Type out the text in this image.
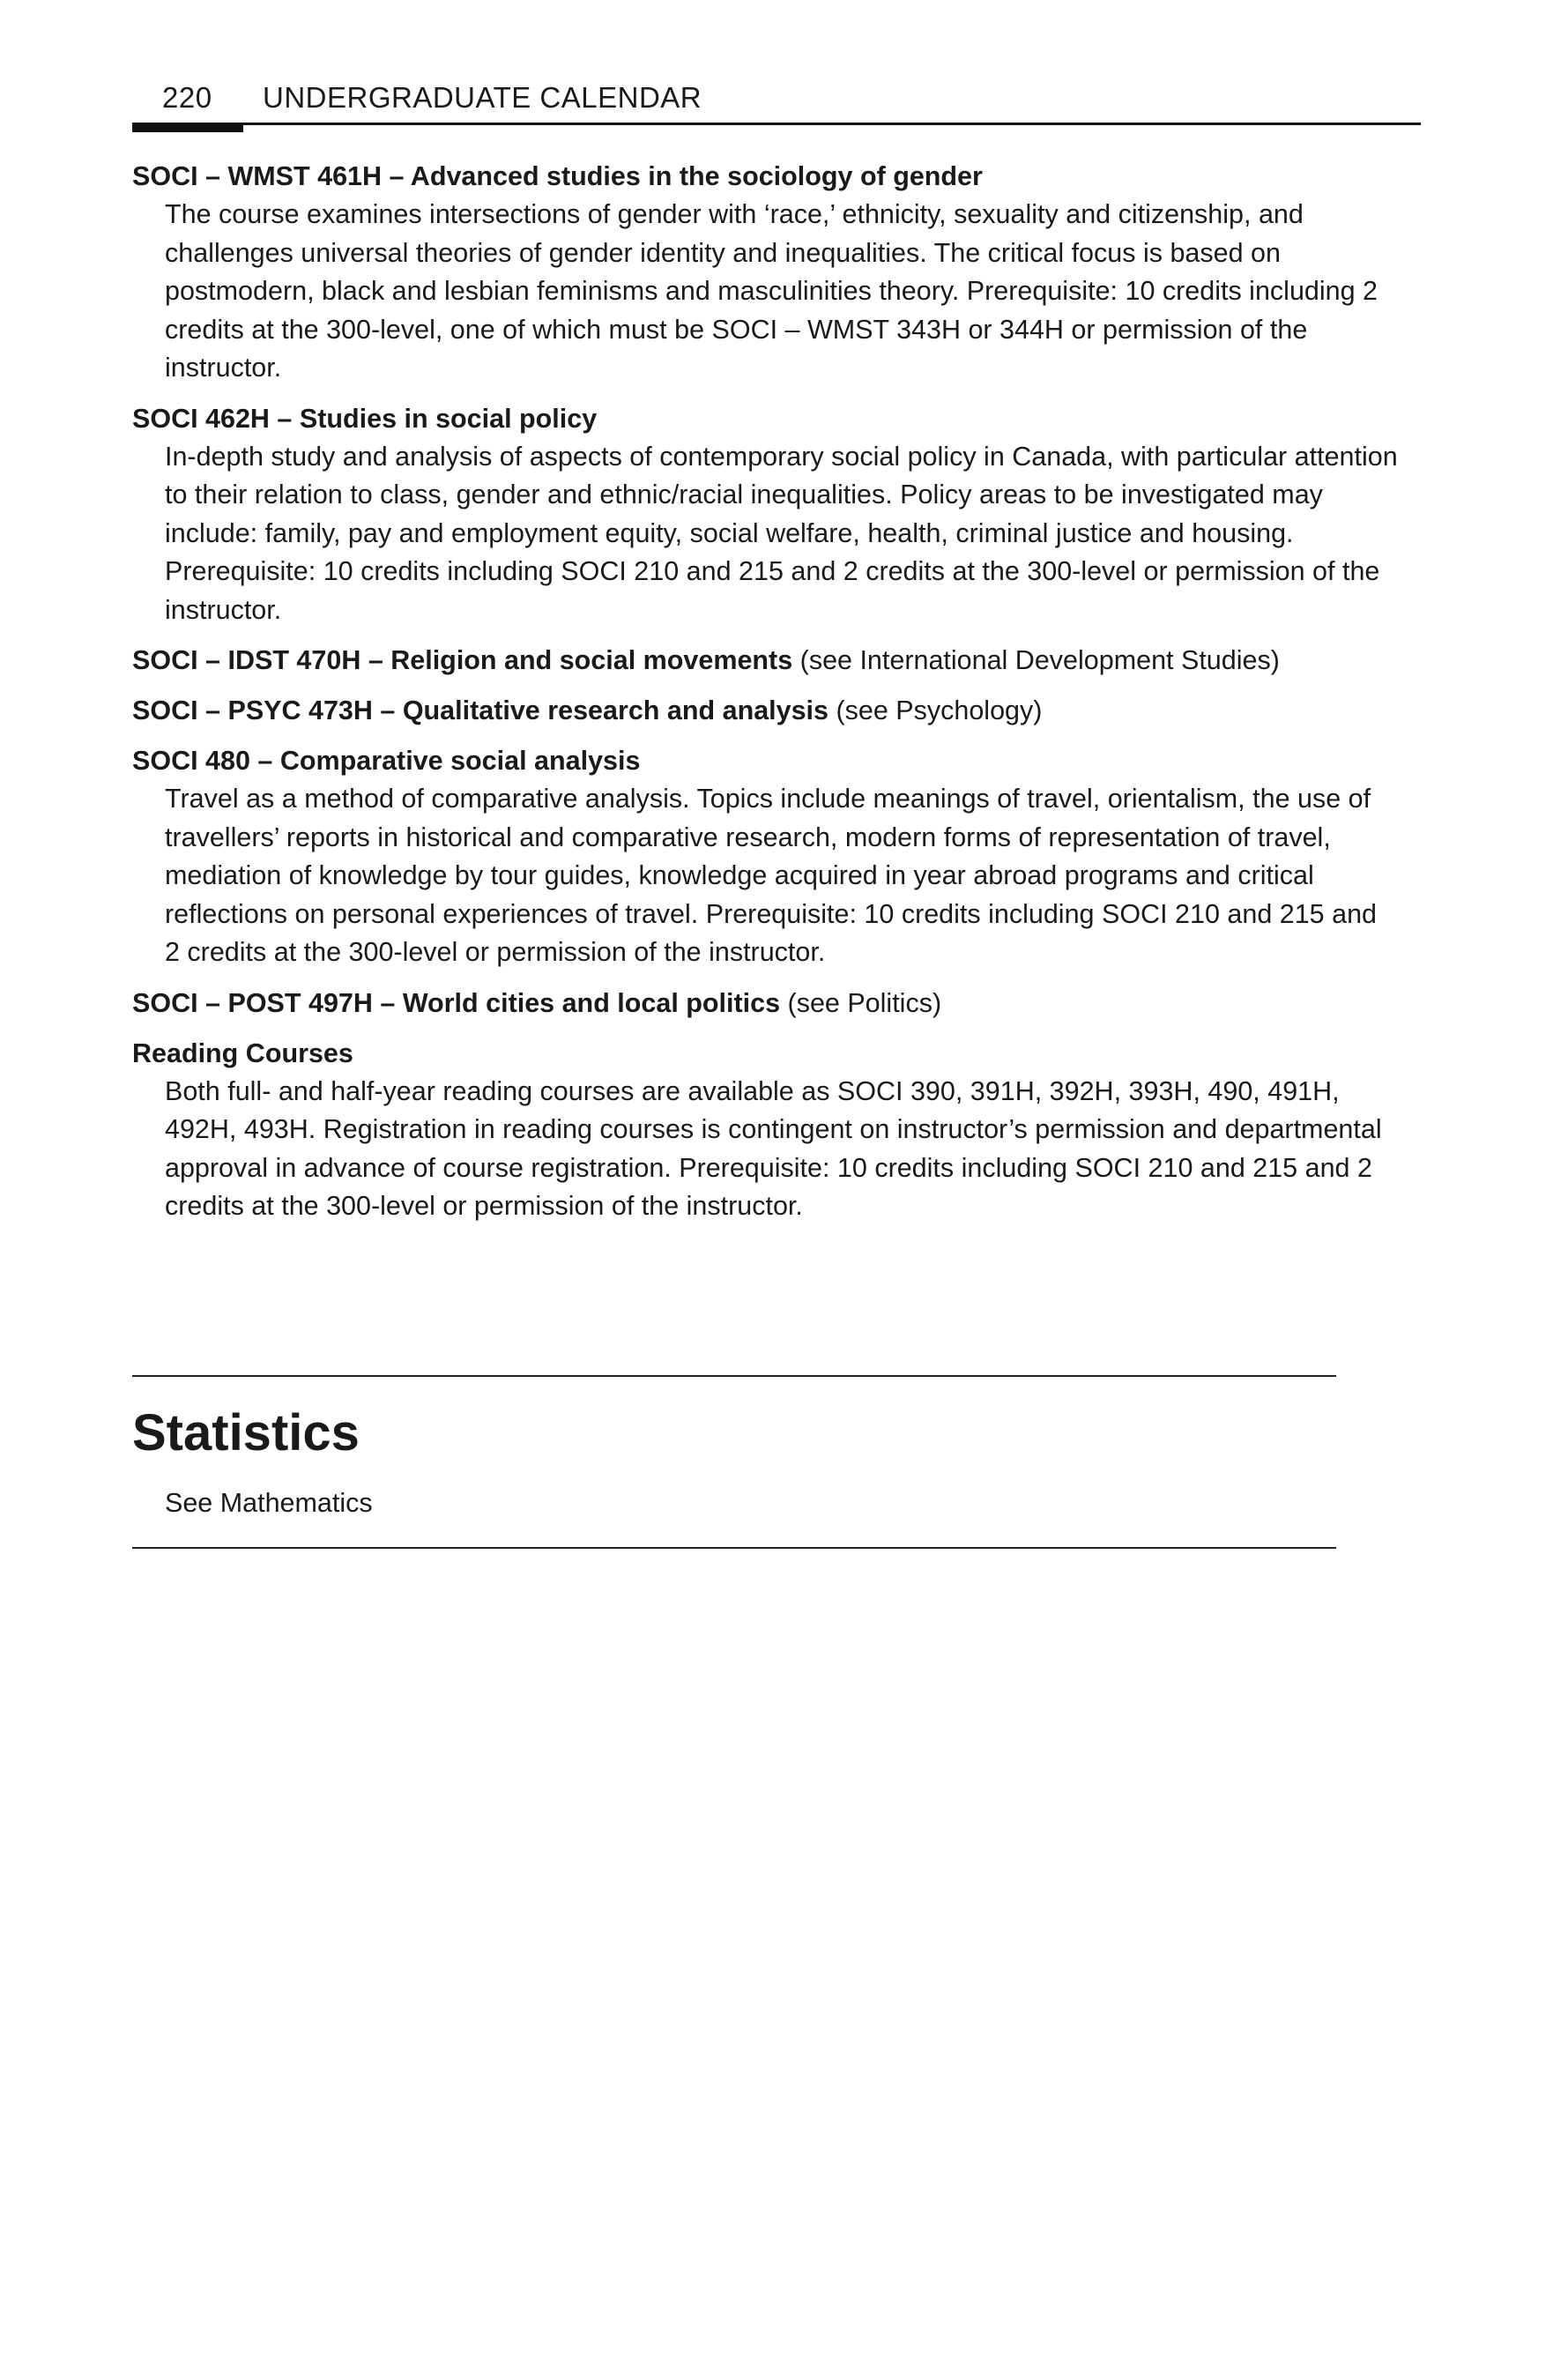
220 UNDERGRADUATE CALENDAR

SOCI – WMST 461H – Advanced studies in the sociology of gender

The course examines intersections of gender with ‘race,’ ethnicity, sexuality and citizenship, and challenges universal theories of gender identity and inequalities. The critical focus is based on postmodern, black and lesbian feminisms and masculinities theory. Prerequisite: 10 credits including 2 credits at the 300-level, one of which must be SOCI – WMST 343H or 344H or permission of the instructor.

SOCI 462H – Studies in social policy

In-depth study and analysis of aspects of contemporary social policy in Canada, with particular attention to their relation to class, gender and ethnic/racial inequalities. Policy areas to be investigated may include: family, pay and employment equity, social welfare, health, criminal justice and housing. Prerequisite: 10 credits including SOCI 210 and 215 and 2 credits at the 300-level or permission of the instructor.

SOCI – IDST 470H – Religion and social movements (see International Development Studies)

SOCI – PSYC 473H – Qualitative research and analysis (see Psychology)

SOCI 480 – Comparative social analysis

Travel as a method of comparative analysis. Topics include meanings of travel, orientalism, the use of travellers’ reports in historical and comparative research, modern forms of representation of travel, mediation of knowledge by tour guides, knowledge acquired in year abroad programs and critical reflections on personal experiences of travel. Prerequisite: 10 credits including SOCI 210 and 215 and 2 credits at the 300-level or permission of the instructor.

SOCI – POST 497H – World cities and local politics (see Politics)

Reading Courses

Both full- and half-year reading courses are available as SOCI 390, 391H, 392H, 393H, 490, 491H, 492H, 493H. Registration in reading courses is contingent on instructor’s permission and departmental approval in advance of course registration. Prerequisite: 10 credits including SOCI 210 and 215 and 2 credits at the 300-level or permission of the instructor.

Statistics

See Mathematics
